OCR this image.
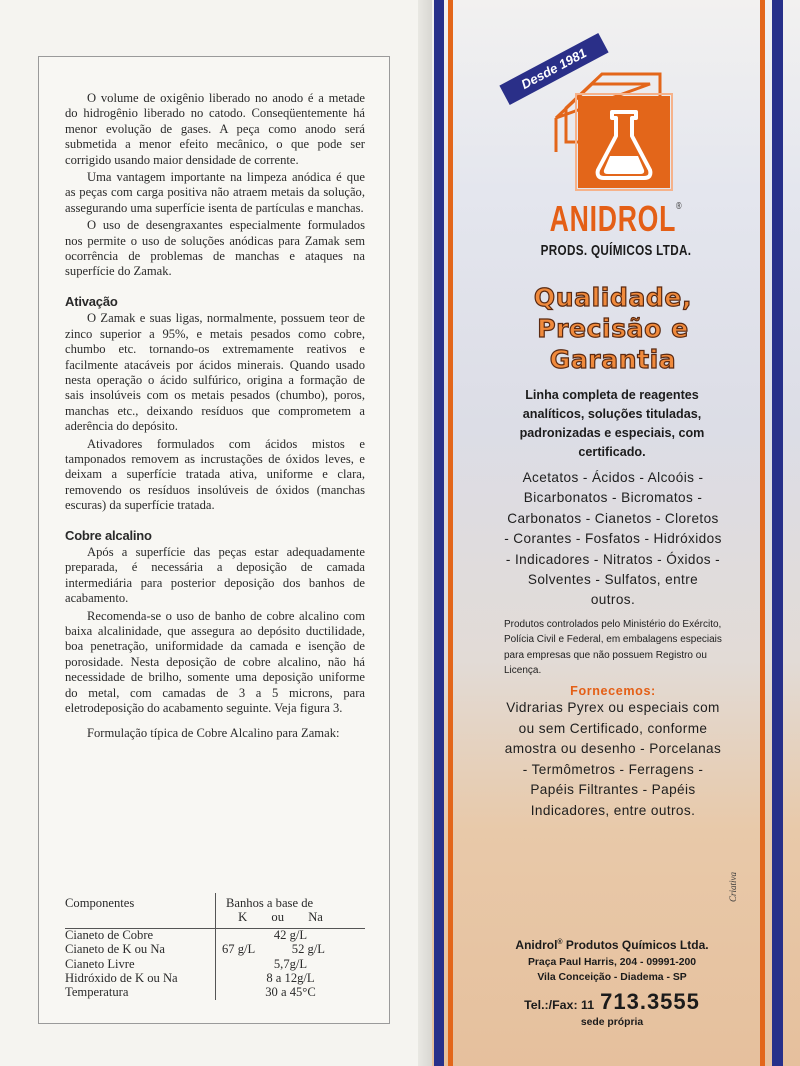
O volume de oxigênio liberado no anodo é a metade do hidrogênio liberado no catodo. Conseqüentemente há menor evolução de gases. A peça como anodo será submetida a menor efeito mecânico, o que pode ser corrigido usando maior densidade de corrente.

Uma vantagem importante na limpeza anódica é que as peças com carga positiva não atraem metais da solução, assegurando uma superfície isenta de partículas e manchas.

O uso de desengraxantes especialmente formulados nos permite o uso de soluções anódicas para Zamak sem ocorrência de problemas de manchas e ataques na superfície do Zamak.

Ativação

O Zamak e suas ligas, normalmente, possuem teor de zinco superior a 95%, e metais pesados como cobre, chumbo etc. tornando-os extremamente reativos e facilmente atacáveis por ácidos minerais. Quando usado nesta operação o ácido sulfúrico, origina a formação de sais insolúveis com os metais pesados (chumbo), poros, manchas etc., deixando resíduos que comprometem a aderência do depósito.

Ativadores formulados com ácidos mistos e tamponados removem as incrustações de óxidos leves, e deixam a superfície tratada ativa, uniforme e clara, removendo os resíduos insolúveis de óxidos (manchas escuras) da superfície tratada.

Cobre alcalino

Após a superfície das peças estar adequadamente preparada, é necessária a deposição de camada intermediária para posterior deposição dos banhos de acabamento.

Recomenda-se o uso de banho de cobre alcalino com baixa alcalinidade, que assegura ao depósito ductilidade, boa penetração, uniformidade da camada e isenção de porosidade. Nesta deposição de cobre alcalino, não há necessidade de brilho, somente uma deposição uniforme do metal, com camadas de 3 a 5 microns, para eletrodeposição do acabamento seguinte. Veja figura 3.

Formulação típica de Cobre Alcalino para Zamak:

Componentes	Banhos a base de
K ou Na
Cianeto de Cobre	42 g/L
Cianeto de K ou Na	67 g/L	52 g/L
Cianeto Livre	5,7g/L
Hidróxido de K ou Na	8 a 12g/L
Temperatura	30 a 45°C
Desde 1981
ANIDROL®
PRODS. QUÍMICOS LTDA.
Qualidade,
Precisão e
Garantia
Linha completa de reagentes analíticos, soluções tituladas, padronizadas e especiais, com certificado.
Acetatos - Ácidos - Alcoóis - Bicarbonatos - Bicromatos - Carbonatos - Cianetos - Cloretos - Corantes - Fosfatos - Hidróxidos - Indicadores - Nitratos - Óxidos - Solventes - Sulfatos, entre outros.
Produtos controlados pelo Ministério do Exército, Polícia Civil e Federal, em embalagens especiais para empresas que não possuem Registro ou Licença.
Fornecemos:
Vidrarias Pyrex ou especiais com ou sem Certificado, conforme amostra ou desenho - Porcelanas - Termômetros - Ferragens - Papéis Filtrantes - Papéis Indicadores, entre outros.
Criativa
Anidrol® Produtos Químicos Ltda.
Praça Paul Harris, 204 - 09991-200
Vila Conceição - Diadema - SP
Tel.:/Fax: 11 713.3555
sede própria
